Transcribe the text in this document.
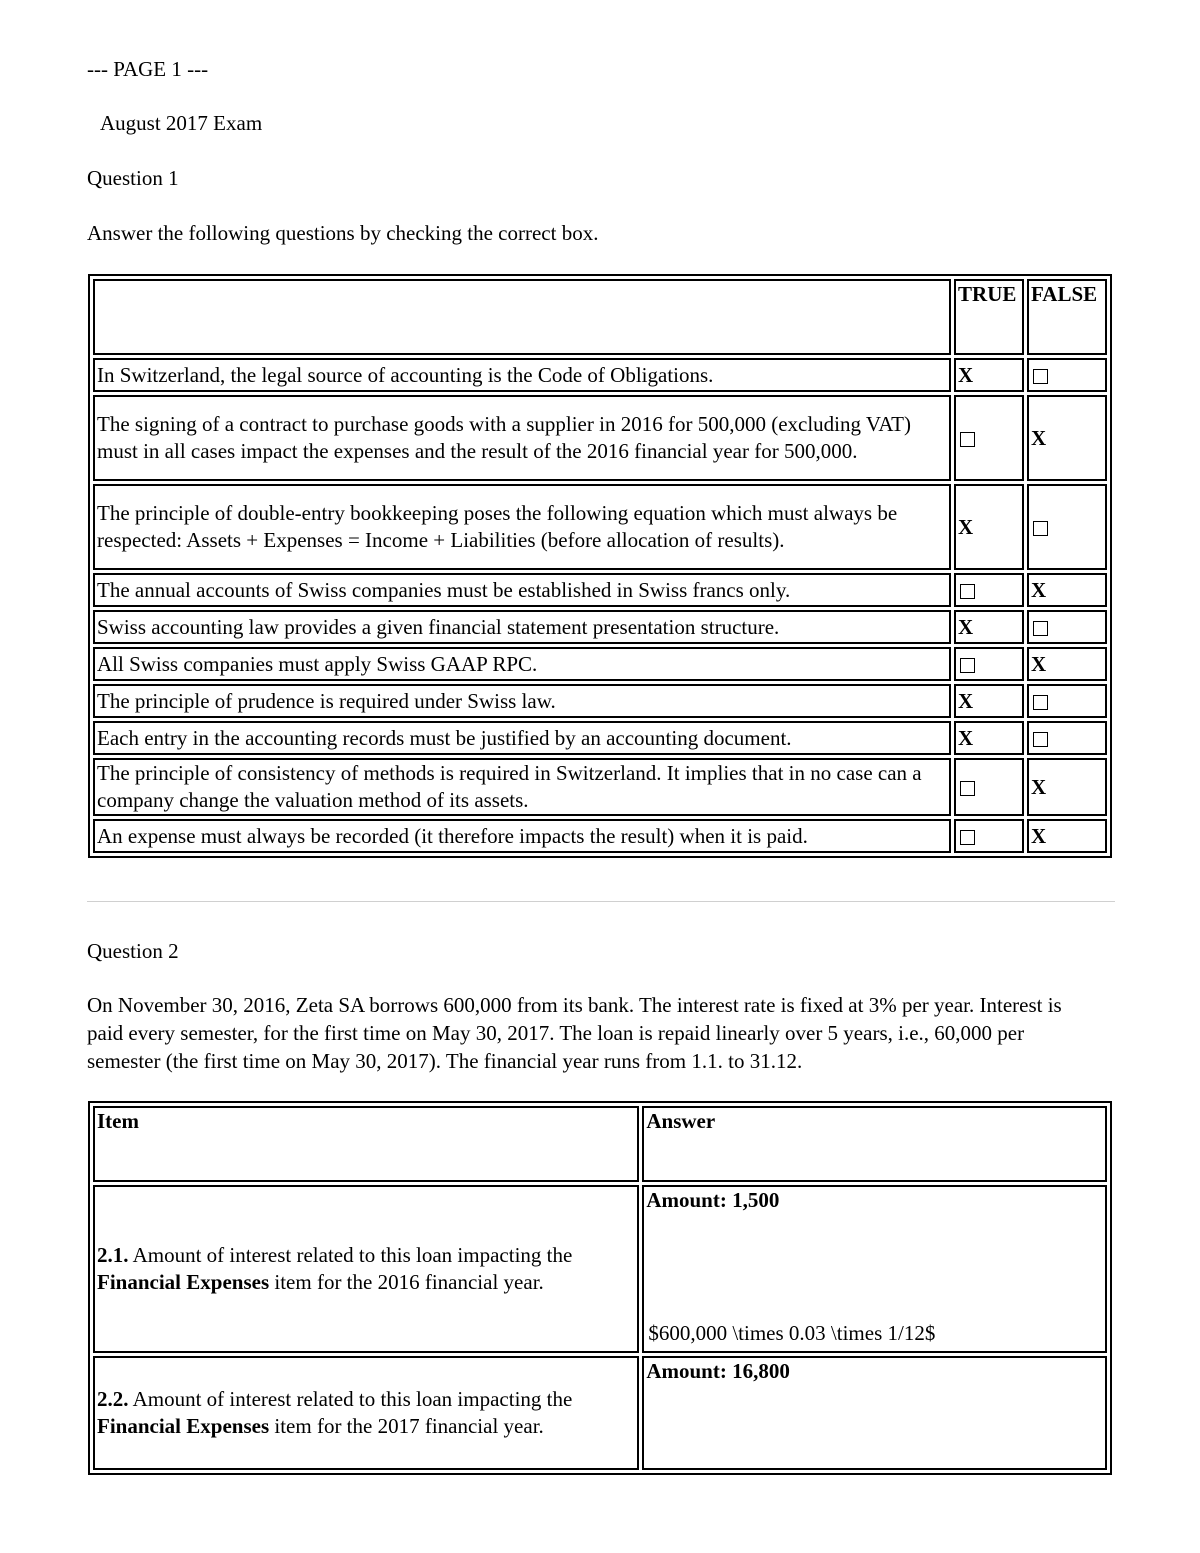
--- PAGE 1 ---
August 2017 Exam
Question 1
Answer the following questions by checking the correct box.
	TRUE	FALSE
In Switzerland, the legal source of accounting is the Code of Obligations.	X	
The signing of a contract to purchase goods with a supplier in 2016 for 500,000 (excluding VAT) must in all cases impact the expenses and the result of the 2016 financial year for 500,000.		X
The principle of double-entry bookkeeping poses the following equation which must always be respected: Assets + Expenses = Income + Liabilities (before allocation of results).	X	
The annual accounts of Swiss companies must be established in Swiss francs only.		X
Swiss accounting law provides a given financial statement presentation structure.	X	
All Swiss companies must apply Swiss GAAP RPC.		X
The principle of prudence is required under Swiss law.	X	
Each entry in the accounting records must be justified by an accounting document.	X	
The principle of consistency of methods is required in Switzerland. It implies that in no case can a company change the valuation method of its assets.		X
An expense must always be recorded (it therefore impacts the result) when it is paid.		X
Question 2
On November 30, 2016, Zeta SA borrows 600,000 from its bank. The interest rate is fixed at 3% per year. Interest is paid every semester, for the first time on May 30, 2017. The loan is repaid linearly over 5 years, i.e., 60,000 per semester (the first time on May 30, 2017). The financial year runs from 1.1. to 31.12.
Item	Answer
2.1. Amount of interest related to this loan impacting the Financial Expenses item for the 2016 financial year.	Amount: 1,500
$600,000 \times 0.03 \times 1/12$

2.2. Amount of interest related to this loan impacting the Financial Expenses item for the 2017 financial year.	Amount: 16,800
